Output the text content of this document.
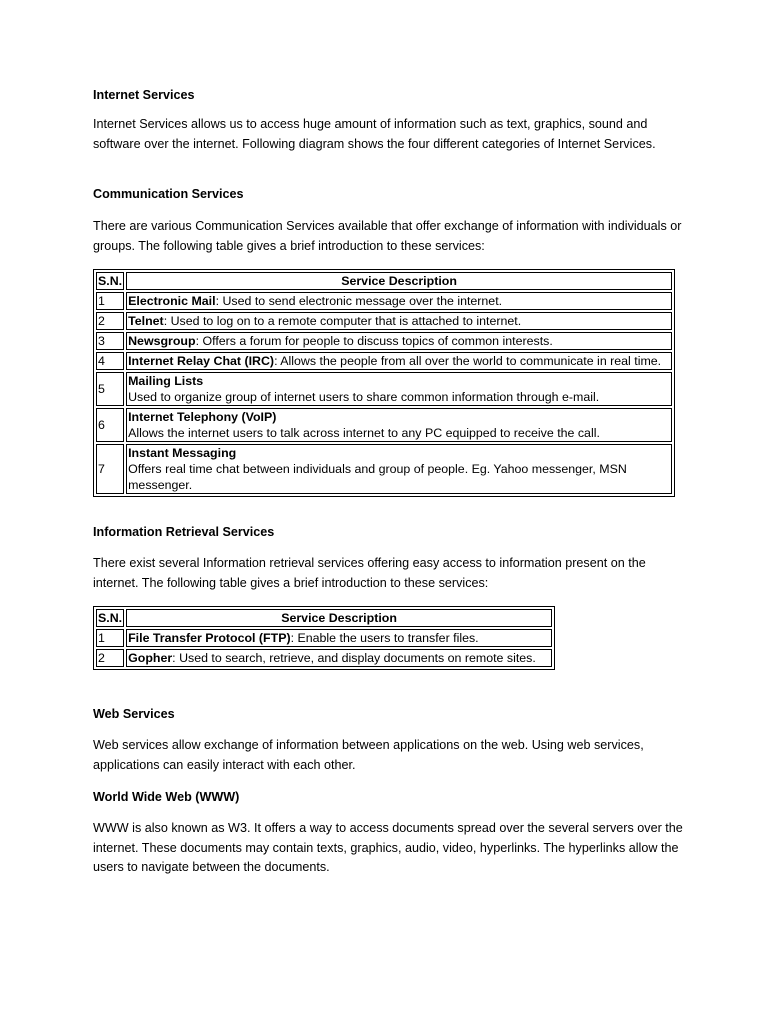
Internet Services

Internet Services allows us to access huge amount of information such as text, graphics, sound and software over the internet. Following diagram shows the four different categories of Internet Services.

Communication Services

There are various Communication Services available that offer exchange of information with individuals or groups. The following table gives a brief introduction to these services:

S.N.	Service Description
1	Electronic Mail: Used to send electronic message over the internet.
2	Telnet: Used to log on to a remote computer that is attached to internet.
3	Newsgroup: Offers a forum for people to discuss topics of common interests.
4	Internet Relay Chat (IRC): Allows the people from all over the world to communicate in real time.
5	Mailing Lists
Used to organize group of internet users to share common information through e-mail.
6	Internet Telephony (VoIP)
Allows the internet users to talk across internet to any PC equipped to receive the call.
7	Instant Messaging
Offers real time chat between individuals and group of people. Eg. Yahoo messenger, MSN messenger.
Information Retrieval Services

There exist several Information retrieval services offering easy access to information present on the internet. The following table gives a brief introduction to these services:

S.N.	Service Description
1	File Transfer Protocol (FTP): Enable the users to transfer files.
2	Gopher: Used to search, retrieve, and display documents on remote sites.
Web Services

Web services allow exchange of information between applications on the web. Using web services, applications can easily interact with each other.

World Wide Web (WWW)

WWW is also known as W3. It offers a way to access documents spread over the several servers over the internet. These documents may contain texts, graphics, audio, video, hyperlinks. The hyperlinks allow the users to navigate between the documents.
